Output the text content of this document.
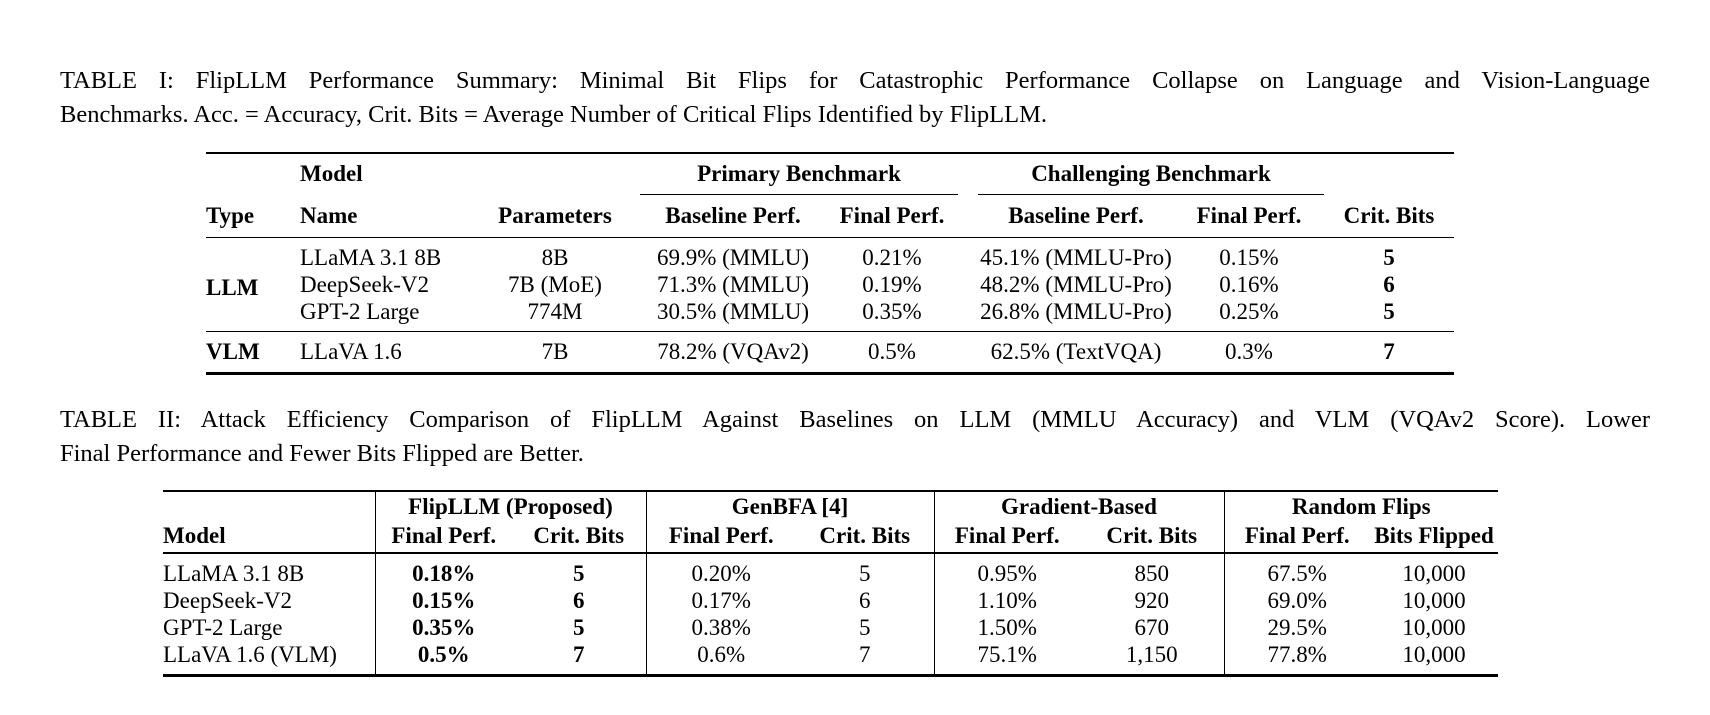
TABLE I: FlipLLM Performance Summary: Minimal Bit Flips for Catastrophic Performance Collapse on Language and Vision-Language
Benchmarks. Acc. = Accuracy, Crit. Bits = Average Number of Critical Flips Identified by FlipLLM.
	Model		Primary Benchmark			Challenging Benchmark		
Type	Name	Parameters	Baseline Perf.	Final Perf.		Baseline Perf.	Final Perf.	Crit. Bits
LLM	LLaMA 3.1 8B	8B	69.9% (MMLU)	0.21%		45.1% (MMLU-Pro)	0.15%	5
	DeepSeek-V2	7B (MoE)	71.3% (MMLU)	0.19%		48.2% (MMLU-Pro)	0.16%	6
	GPT-2 Large	774M	30.5% (MMLU)	0.35%		26.8% (MMLU-Pro)	0.25%	5
VLM	LLaVA 1.6	7B	78.2% (VQAv2)	0.5%		62.5% (TextVQA)	0.3%	7
TABLE II: Attack Efficiency Comparison of FlipLLM Against Baselines on LLM (MMLU Accuracy) and VLM (VQAv2 Score). Lower
Final Performance and Fewer Bits Flipped are Better.
	FlipLLM (Proposed)		GenBFA [4]		Gradient-Based		Random Flips	
Model	Final Perf.	Crit. Bits	Final Perf.	Crit. Bits	Final Perf.	Crit. Bits	Final Perf.	Bits Flipped
LLaMA 3.1 8B	0.18%	5	0.20%	5	0.95%	850	67.5%	10,000
DeepSeek-V2	0.15%	6	0.17%	6	1.10%	920	69.0%	10,000
GPT-2 Large	0.35%	5	0.38%	5	1.50%	670	29.5%	10,000
LLaVA 1.6 (VLM)	0.5%	7	0.6%	7	75.1%	1,150	77.8%	10,000
